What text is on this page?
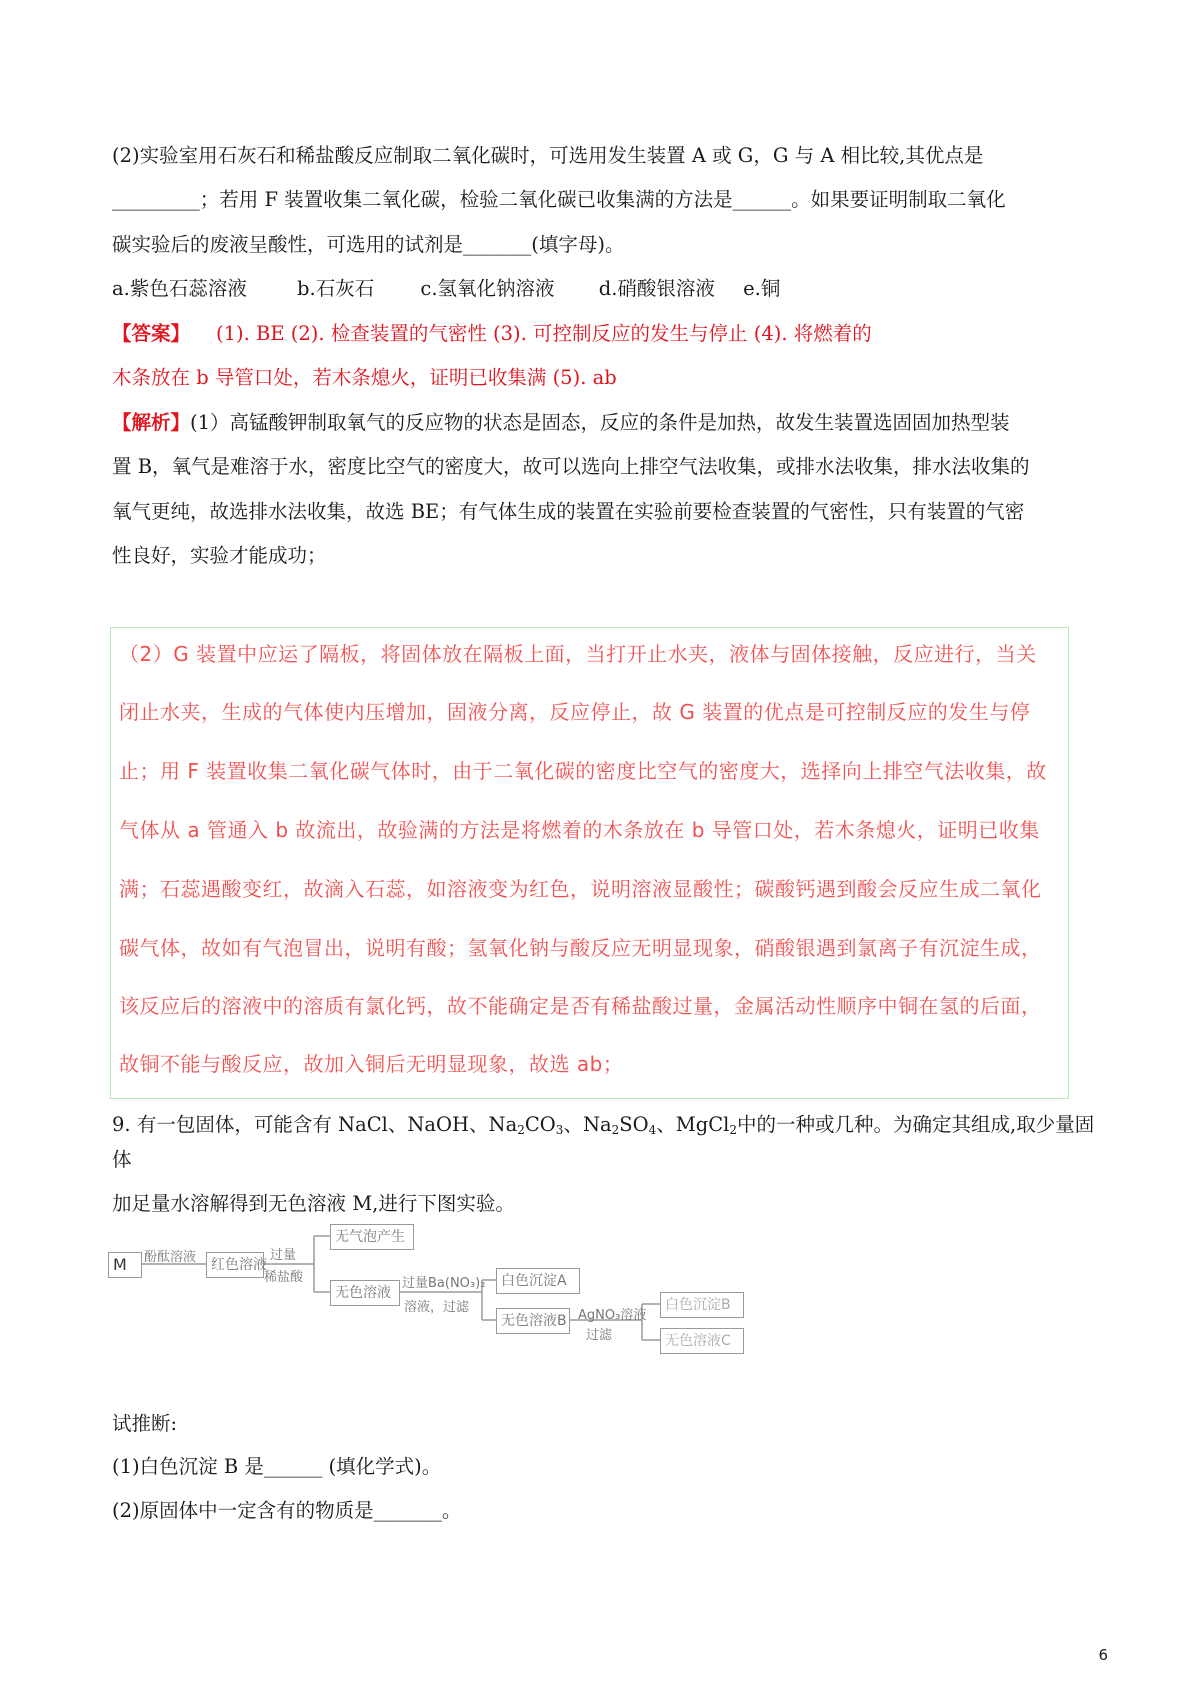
(2)实验室用石灰石和稀盐酸反应制取二氧化碳时，可选用发生装置 A 或 G，G 与 A 相比较,其优点是
_________；若用 F 装置收集二氧化碳，检验二氧化碳已收集满的方法是______。如果要证明制取二氧化
碳实验后的废液呈酸性，可选用的试剂是_______(填字母)。
a.紫色石蕊溶液	b.石灰石 c.氢氧化钠溶液 d.硝酸银溶液 e.铜
【答案】 (1). BE (2). 检查装置的气密性 (3). 可控制反应的发生与停止 (4). 将燃着的
木条放在 b 导管口处，若木条熄火，证明已收集满 (5). ab
【解析】(1）高锰酸钾制取氧气的反应物的状态是固态，反应的条件是加热，故发生装置选固固加热型装
置 B，氧气是难溶于水，密度比空气的密度大，故可以选向上排空气法收集，或排水法收集，排水法收集的
氧气更纯，故选排水法收集，故选 BE；有气体生成的装置在实验前要检查装置的气密性，只有装置的气密
性良好，实验才能成功；
（2）G 装置中应运了隔板，将固体放在隔板上面，当打开止水夹，液体与固体接触，反应进行，当关
闭止水夹，生成的气体使内压增加，固液分离，反应停止，故 G 装置的优点是可控制反应的发生与停
止；用 F 装置收集二氧化碳气体时，由于二氧化碳的密度比空气的密度大，选择向上排空气法收集，故
气体从 a 管通入 b 故流出，故验满的方法是将燃着的木条放在 b 导管口处，若木条熄火，证明已收集
满；石蕊遇酸变红，故滴入石蕊，如溶液变为红色，说明溶液显酸性；碳酸钙遇到酸会反应生成二氧化
碳气体，故如有气泡冒出，说明有酸；氢氧化钠与酸反应无明显现象，硝酸银遇到氯离子有沉淀生成，
该反应后的溶液中的溶质有氯化钙，故不能确定是否有稀盐酸过量，金属活动性顺序中铜在氢的后面，
故铜不能与酸反应，故加入铜后无明显现象，故选 ab；
9. 有一包固体，可能含有 NaCl、NaOH、$Na_2CO_3$、$Na_2SO_4$、MgCl$_2$中的一种或几种。为确定其组成,取少量固体
加足量水溶解得到无色溶液 M,进行下图实验。
M	酚酞溶液	红色溶液
过量
稀盐酸
无气泡产生
无色溶液
过量Ba(NO₃)₂
溶液，过滤
白色沉淀A
无色溶液B AgNO₃溶液
过滤
白色沉淀B
无色溶液C
试推断:
(1)白色沉淀 B 是______ (填化学式)。
(2)原固体中一定含有的物质是_______。
6
